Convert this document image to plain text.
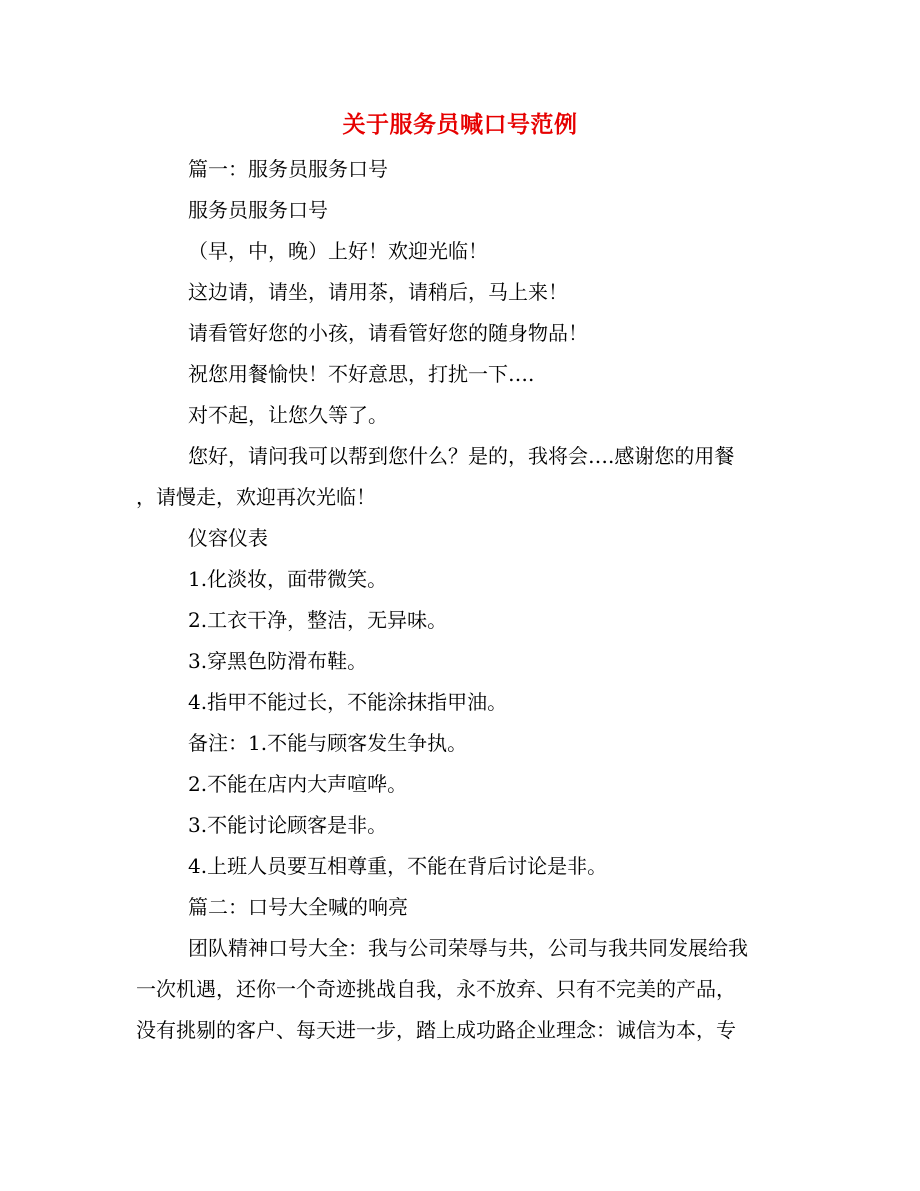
关于服务员喊口号范例
篇一：服务员服务口号
服务员服务口号
（早，中，晚）上好！欢迎光临！
这边请，请坐，请用茶，请稍后，马上来！
请看管好您的小孩，请看管好您的随身物品！
祝您用餐愉快！不好意思，打扰一下….
对不起，让您久等了。
您好，请问我可以帮到您什么？是的，我将会….感谢您的用餐
，请慢走，欢迎再次光临！
仪容仪表
1.化淡妆，面带微笑。
2.工衣干净，整洁，无异味。
3.穿黑色防滑布鞋。
4.指甲不能过长，不能涂抹指甲油。
备注：1.不能与顾客发生争执。
2.不能在店内大声喧哗。
3.不能讨论顾客是非。
4.上班人员要互相尊重，不能在背后讨论是非。
篇二：口号大全喊的响亮
团队精神口号大全：我与公司荣辱与共，公司与我共同发展给我
一次机遇，还你一个奇迹挑战自我，永不放弃、只有不完美的产品，
没有挑剔的客户、每天进一步，踏上成功路企业理念：诚信为本，专
